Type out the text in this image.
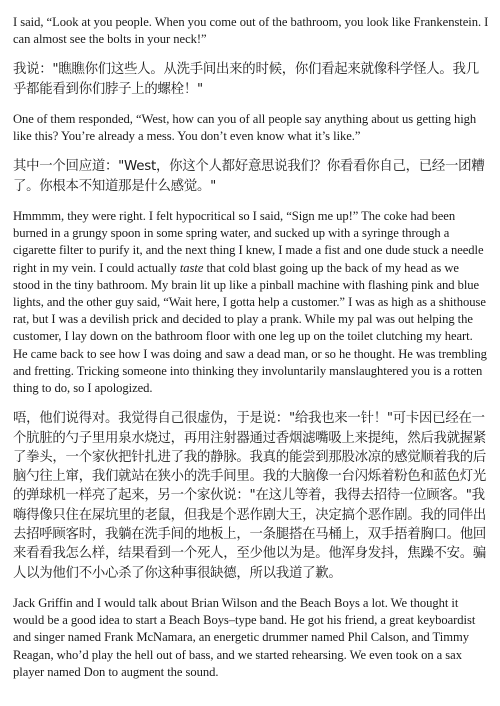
I said, “Look at you people. When you come out of the bathroom, you look like Frankenstein. I can almost see the bolts in your neck!”

我说："瞧瞧你们这些人。从洗手间出来的时候，你们看起来就像科学怪人。我几乎都能看到你们脖子上的螺栓！"

One of them responded, “West, how can you of all people say anything about us getting high like this? You’re already a mess. You don’t even know what it’s like.”

其中一个回应道："West，你这个人都好意思说我们？你看看你自己，已经一团糟了。你根本不知道那是什么感觉。"

Hmmmm, they were right. I felt hypocritical so I said, “Sign me up!” The coke had been burned in a grungy spoon in some spring water, and sucked up with a syringe through a cigarette filter to purify it, and the next thing I knew, I made a fist and one dude stuck a needle right in my vein. I could actually taste that cold blast going up the back of my head as we stood in the tiny bathroom. My brain lit up like a pinball machine with flashing pink and blue lights, and the other guy said, “Wait here, I gotta help a customer.” I was as high as a shithouse rat, but I was a devilish prick and decided to play a prank. While my pal was out helping the customer, I lay down on the bathroom floor with one leg up on the toilet clutching my heart. He came back to see how I was doing and saw a dead man, or so he thought. He was trembling and fretting. Tricking someone into thinking they involuntarily manslaughtered you is a rotten thing to do, so I apologized.

唔，他们说得对。我觉得自己很虚伪，于是说："给我也来一针！"可卡因已经在一个肮脏的勺子里用泉水烧过，再用注射器通过香烟滤嘴吸上来提纯，然后我就握紧了拳头，一个家伙把针扎进了我的静脉。我真的能尝到那股冰凉的感觉顺着我的后脑勺往上窜，我们就站在狭小的洗手间里。我的大脑像一台闪烁着粉色和蓝色灯光的弹球机一样亮了起来，另一个家伙说："在这儿等着，我得去招待一位顾客。"我嗨得像只住在屎坑里的老鼠，但我是个恶作剧大王，决定搞个恶作剧。我的同伴出去招呼顾客时，我躺在洗手间的地板上，一条腿搭在马桶上，双手捂着胸口。他回来看看我怎么样，结果看到一个死人，至少他以为是。他浑身发抖，焦躁不安。骗人以为他们不小心杀了你这种事很缺德，所以我道了歉。

Jack Griffin and I would talk about Brian Wilson and the Beach Boys a lot. We thought it would be a good idea to start a Beach Boys–type band. He got his friend, a great keyboardist and singer named Frank McNamara, an energetic drummer named Phil Calson, and Timmy Reagan, who’d play the hell out of bass, and we started rehearsing. We even took on a sax player named Don to augment the sound.
